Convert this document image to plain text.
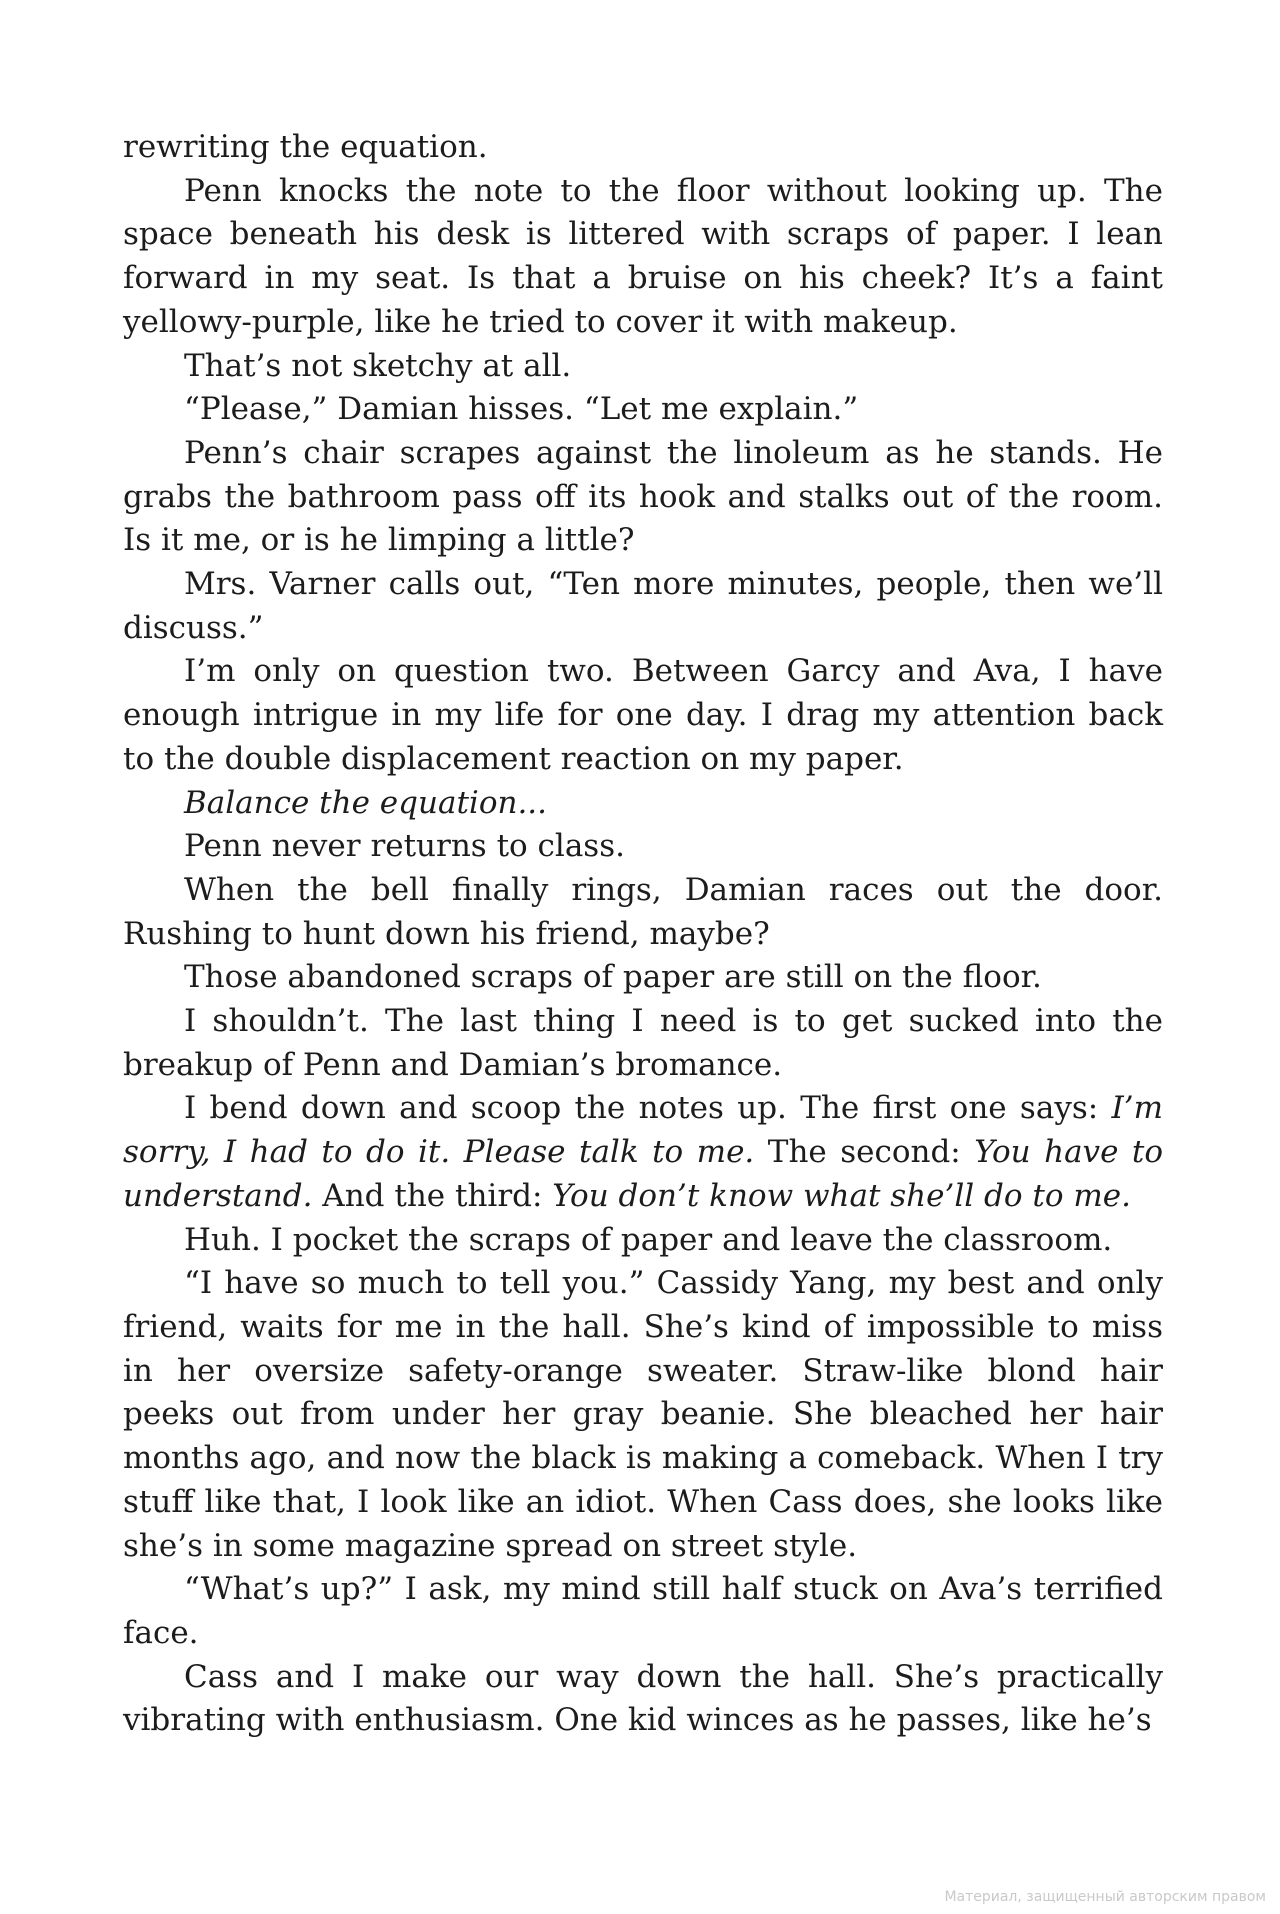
rewriting the equation.

Penn knocks the note to the floor without looking up. The space beneath his desk is littered with scraps of paper. I lean forward in my seat. Is that a bruise on his cheek? It’s a faint yellowy-purple, like he tried to cover it with makeup.

That’s not sketchy at all.

“Please,” Damian hisses. “Let me explain.”

Penn’s chair scrapes against the linoleum as he stands. He grabs the bathroom pass off its hook and stalks out of the room. Is it me, or is he limping a little?

Mrs. Varner calls out, “Ten more minutes, people, then we’ll discuss.”

I’m only on question two. Between Garcy and Ava, I have enough intrigue in my life for one day. I drag my attention back to the double displacement reaction on my paper.

Balance the equation...

Penn never returns to class.

When the bell finally rings, Damian races out the door. Rushing to hunt down his friend, maybe?

Those abandoned scraps of paper are still on the floor.

I shouldn’t. The last thing I need is to get sucked into the breakup of Penn and Damian’s bromance.

I bend down and scoop the notes up. The first one says: I’m sorry, I had to do it. Please talk to me. The second: You have to understand. And the third: You don’t know what she’ll do to me.

Huh. I pocket the scraps of paper and leave the classroom.

“I have so much to tell you.” Cassidy Yang, my best and only friend, waits for me in the hall. She’s kind of impossible to miss in her oversize safety-orange sweater. Straw-like blond hair peeks out from under her gray beanie. She bleached her hair months ago, and now the black is making a comeback. When I try stuff like that, I look like an idiot. When Cass does, she looks like she’s in some magazine spread on street style.

“What’s up?” I ask, my mind still half stuck on Ava’s terrified face.

Cass and I make our way down the hall. She’s practically vibrating with enthusiasm. One kid winces as he passes, like he’s

Материал, защищенный авторским правом
